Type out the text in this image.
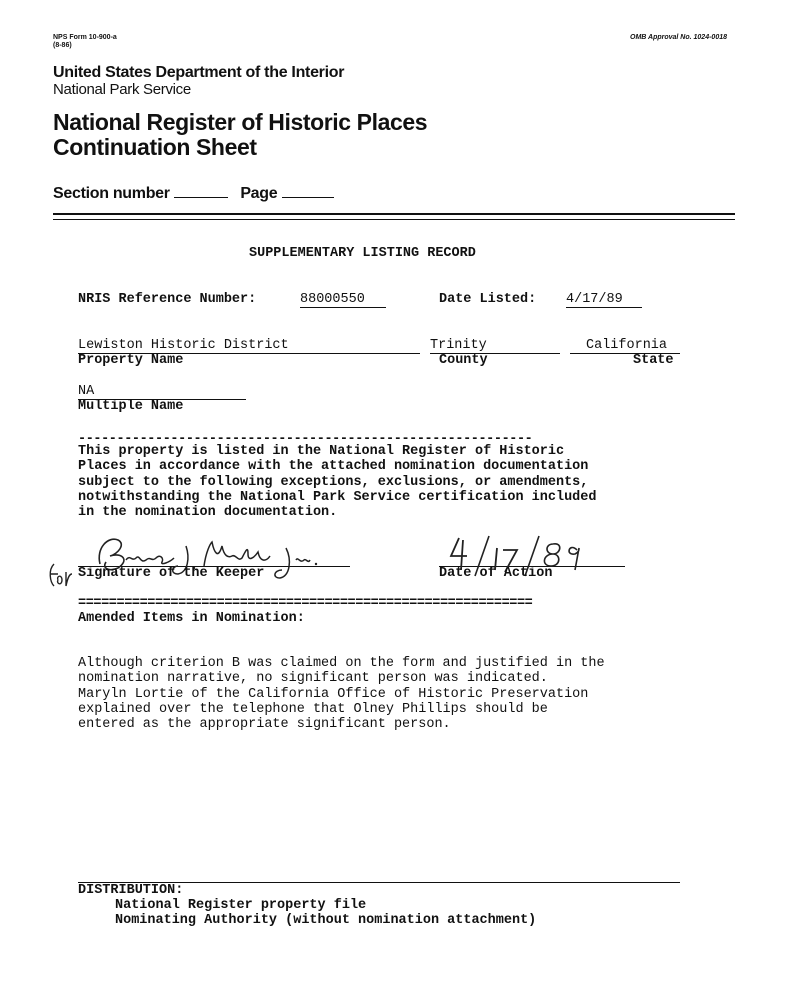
NPS Form 10-900-a
(8-86)
OMB Approval No. 1024-0018
United States Department of the Interior
National Park Service
National Register of Historic Places
Continuation Sheet
Section number	Page
SUPPLEMENTARY LISTING RECORD
NRIS Reference Number:	88000550	Date Listed: 4/17/89
Lewiston Historic District	Trinity	California
Property Name	County	State
NA
Multiple Name
-----------------------------------------------------------
This property is listed in the National Register of Historic
Places in accordance with the attached nomination documentation
subject to the following exceptions, exclusions, or amendments,
notwithstanding the National Park Service certification included
in the nomination documentation.
Signature of the Keeper	Date of Action
===========================================================
Amended Items in Nomination:
Although criterion B was claimed on the form and justified in the
nomination narrative, no significant person was indicated.
Maryln Lortie of the California Office of Historic Preservation
explained over the telephone that Olney Phillips should be
entered as the appropriate significant person.
DISTRIBUTION:
National Register property file
Nominating Authority (without nomination attachment)
